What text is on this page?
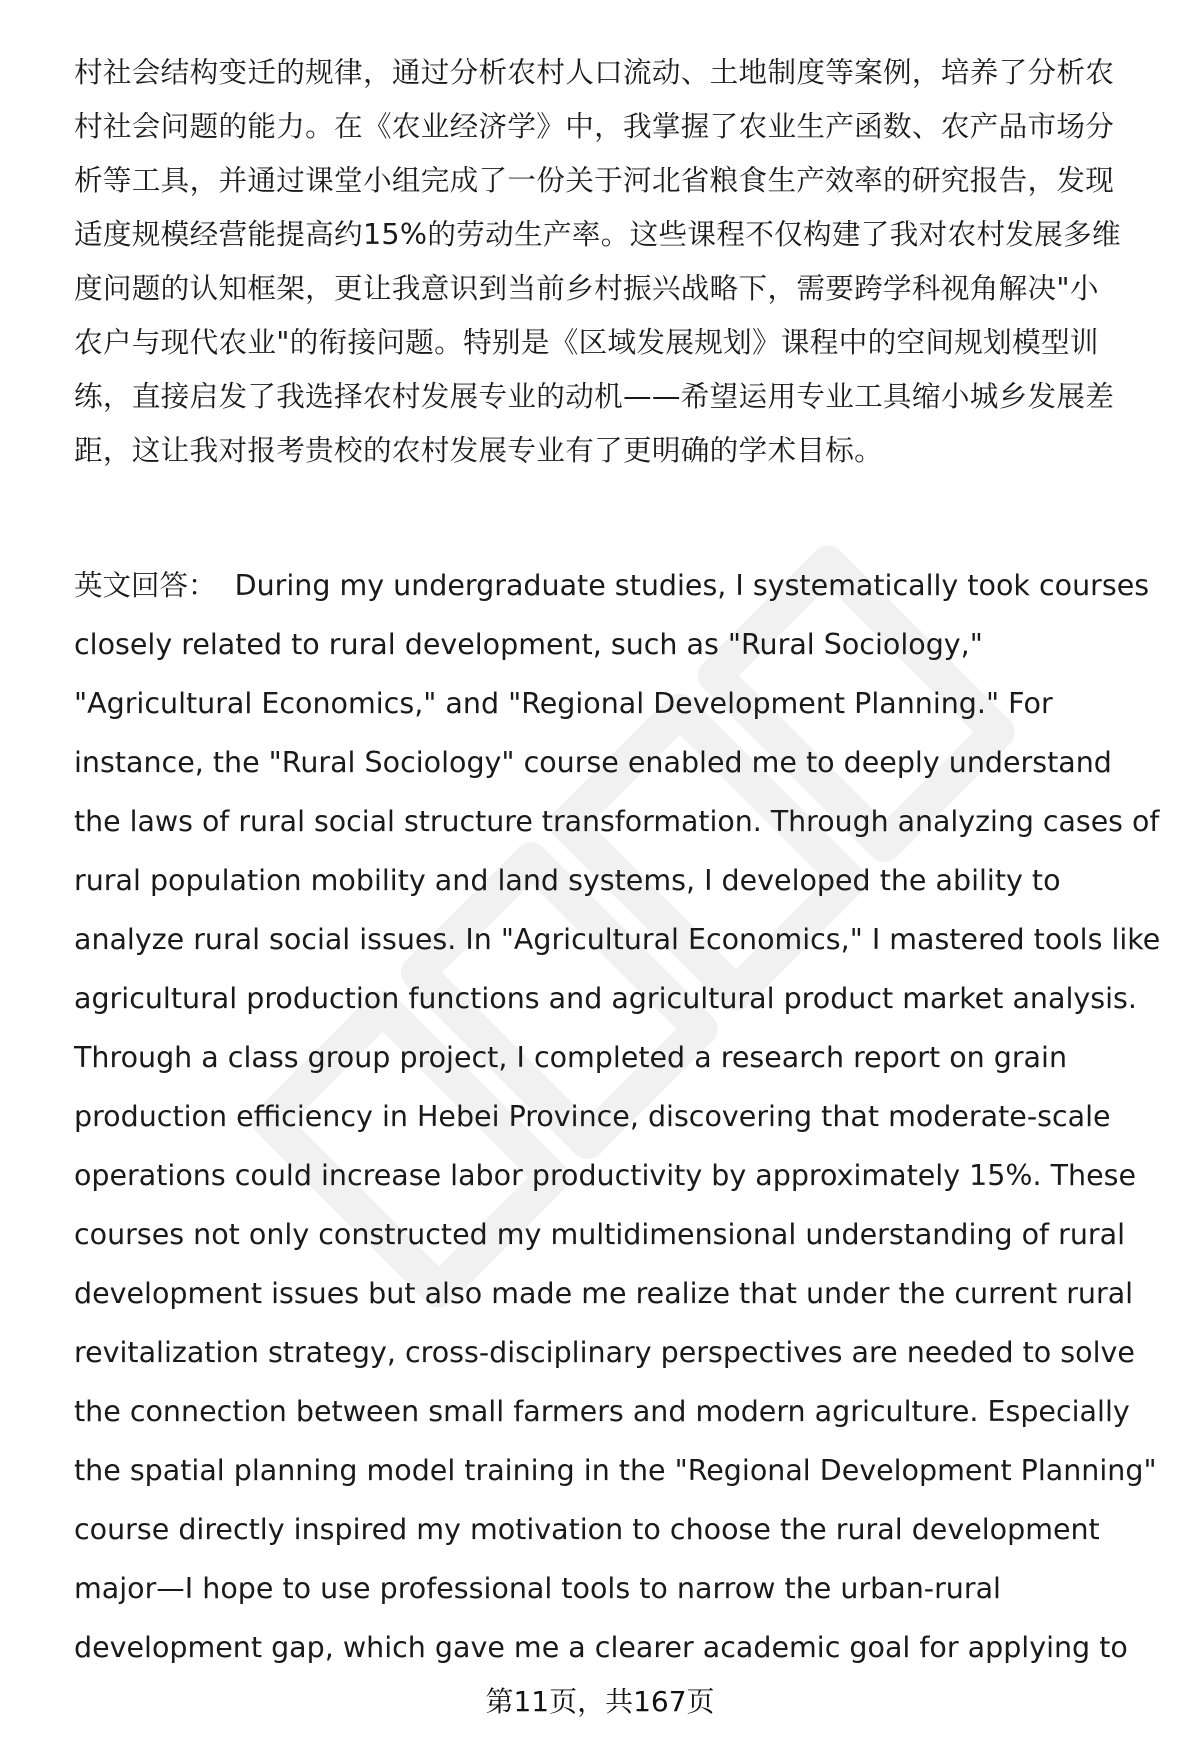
村社会结构变迁的规律，通过分析农村人口流动、土地制度等案例，培养了分析农

村社会问题的能力。在《农业经济学》中，我掌握了农业生产函数、农产品市场分

析等工具，并通过课堂小组完成了一份关于河北省粮食生产效率的研究报告，发现

适度规模经营能提高约15%的劳动生产率。这些课程不仅构建了我对农村发展多维

度问题的认知框架，更让我意识到当前乡村振兴战略下，需要跨学科视角解决"小

农户与现代农业"的衔接问题。特别是《区域发展规划》课程中的空间规划模型训

练，直接启发了我选择农村发展专业的动机——希望运用专业工具缩小城乡发展差

距，这让我对报考贵校的农村发展专业有了更明确的学术目标。

英文回答： During my undergraduate studies, I systematically took courses

closely related to rural development, such as "Rural Sociology,"

"Agricultural Economics," and "Regional Development Planning." For

instance, the "Rural Sociology" course enabled me to deeply understand

the laws of rural social structure transformation. Through analyzing cases of

rural population mobility and land systems, I developed the ability to

analyze rural social issues. In "Agricultural Economics," I mastered tools like

agricultural production functions and agricultural product market analysis.

Through a class group project, I completed a research report on grain

production efficiency in Hebei Province, discovering that moderate-scale

operations could increase labor productivity by approximately 15%. These

courses not only constructed my multidimensional understanding of rural

development issues but also made me realize that under the current rural

revitalization strategy, cross-disciplinary perspectives are needed to solve

the connection between small farmers and modern agriculture. Especially

the spatial planning model training in the "Regional Development Planning"

course directly inspired my motivation to choose the rural development

major—I hope to use professional tools to narrow the urban-rural

development gap, which gave me a clearer academic goal for applying to

第11页，共167页
